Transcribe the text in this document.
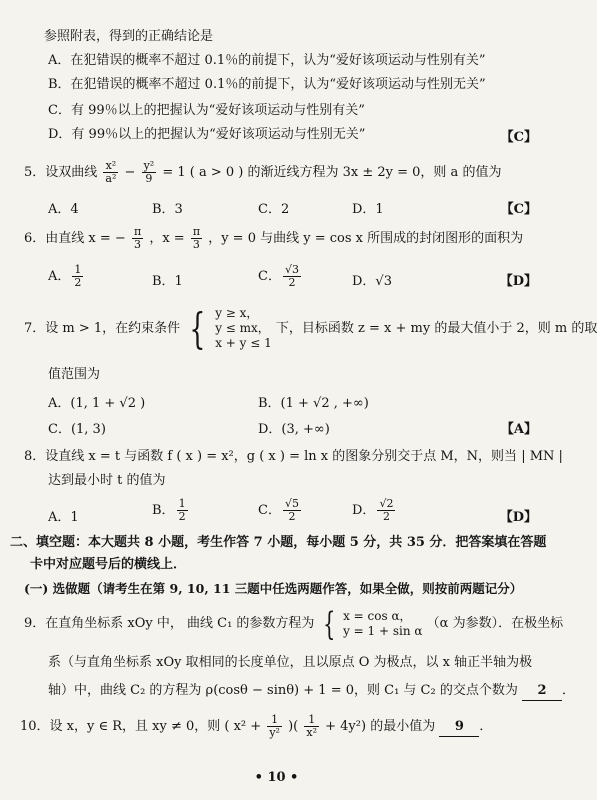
参照附表，得到的正确结论是
A．在犯错误的概率不超过 0.1％的前提下，认为“爱好该项运动与性别有关”
B．在犯错误的概率不超过 0.1％的前提下，认为“爱好该项运动与性别无关”
C．有 99％以上的把握认为“爱好该项运动与性别有关”
D．有 99％以上的把握认为“爱好该项运动与性别无关”	【C】
5．设双曲线 $\frac{\text{x²}}{\text{a²}} - \frac{\text{y²}}{9} = 1$ ( a > 0 ) 的渐近线方程为 3x ± 2y = 0，则 a 的值为
A．4	B．3	C．2	D．1	【C】
6．由直线 x = − $\frac{\pi}{3}$ ，$x = \frac{\pi}{3}$ ，y = 0 与曲线 y = cos x 所围成的封闭图形的面积为
A． $\frac{1}{2}$	B．1	C． $\frac{√3}{2}$	D．√3	【D】
7．设 m > 1，在约束条件 { y ≥ x，
y ≤ mx，
x + y ≤ 1
下，目标函数 z = x + my 的最大值小于 2，则 m 的取
值范围为
A．(1, 1 + √2 )	B．(1 + √2 , +∞)
C．(1, 3)	D．(3, +∞)	【A】
8．设直线 x = t 与函数 f ( x ) = x²，g ( x ) = ln x 的图象分别交于点 M，N，则当 | MN |
达到最小时 t 的值为
A．1	B． $\frac{1}{2}$	C． $\frac{√5}{2}$	D． $\frac{√2}{2}$	【D】
二、填空题：本大题共 8 小题，考生作答 7 小题，每小题 5 分，共 35 分．把答案填在答题
卡中对应题号后的横线上．
(一) 选做题（请考生在第 9, 10, 11 三题中任选两题作答，如果全做，则按前两题记分）
9．在直角坐标系 xOy 中， 曲线 C₁ 的参数方程为 { x = cos α，
y = 1 + sin α （α 为参数）．在极坐标
系（与直角坐标系 xOy 取相同的长度单位，且以原点 O 为极点，以 x 轴正半轴为极
轴）中，曲线 C₂ 的方程为 ρ(cosθ − sinθ) + 1 = 0，则 C₁ 与 C₂ 的交点个数为 2 ．
10．设 x，y ∈ R，且 xy ≠ 0，则 ( $x^2 + \frac{1}{\text{y²}}$ )( $\frac{1}{\text{x²}} + 4y^2$) 的最小值为 9 ．
• 10 •
